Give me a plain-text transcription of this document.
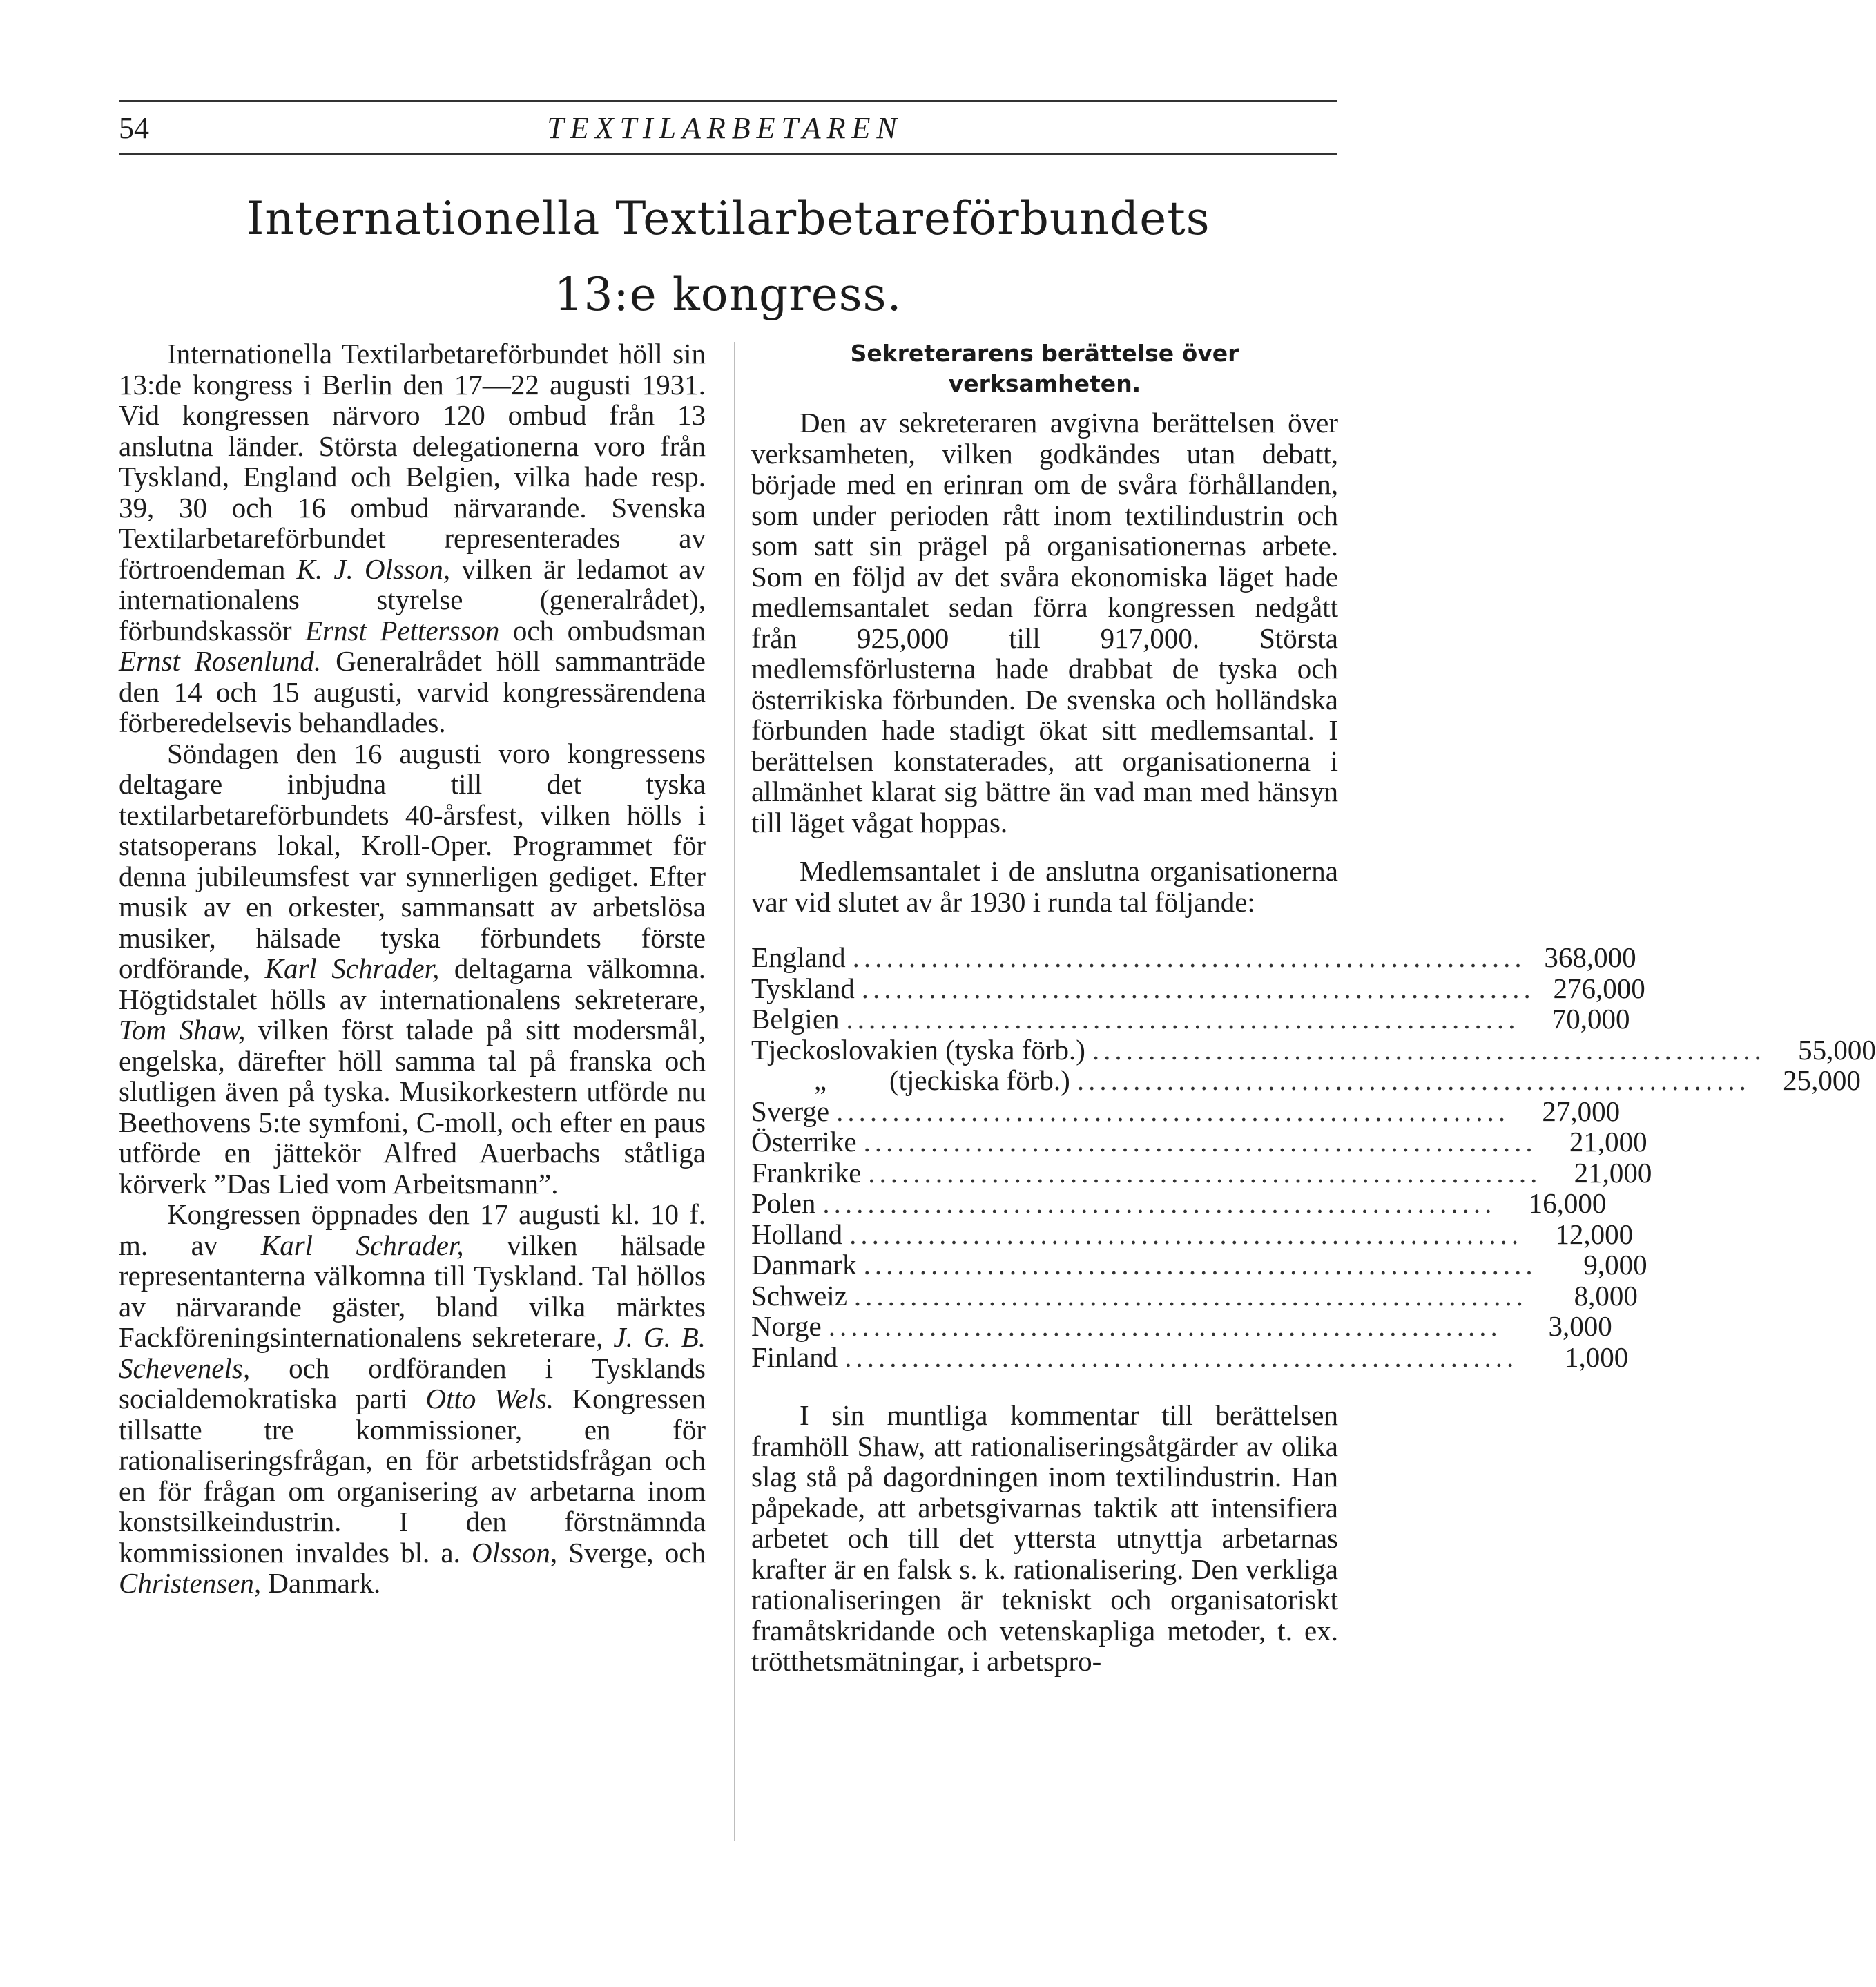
54	TEXTILARBETAREN
Internationella Textilarbetareförbundets
13:e kongress.

Internationella Textilarbetareförbundet höll sin 13:de kongress i Berlin den 17—22 augusti 1931. Vid kongressen närvoro 120 ombud från 13 anslutna länder. Största delegationerna voro från Tyskland, England och Belgien, vilka hade resp. 39, 30 och 16 ombud närvarande. Svenska Textilarbetareförbundet representerades av förtroendeman K. J. Olsson, vilken är ledamot av internationalens styrelse (generalrådet), förbundskassör Ernst Pettersson och ombudsman Ernst Rosenlund. Generalrådet höll sammanträde den 14 och 15 augusti, varvid kongressärendena förberedelsevis behandlades.

Söndagen den 16 augusti voro kongressens deltagare inbjudna till det tyska textilarbetareförbundets 40-årsfest, vilken hölls i statsoperans lokal, Kroll-Oper. Programmet för denna jubileumsfest var synnerligen gediget. Efter musik av en orkester, sammansatt av arbetslösa musiker, hälsade tyska förbundets förste ordförande, Karl Schrader, deltagarna välkomna. Högtidstalet hölls av internationalens sekreterare, Tom Shaw, vilken först talade på sitt modersmål, engelska, därefter höll samma tal på franska och slutligen även på tyska. Musikorkestern utförde nu Beethovens 5:te symfoni, C-moll, och efter en paus utförde en jättekör Alfred Auerbachs ståtliga körverk ”Das Lied vom Arbeitsmann”.

Kongressen öppnades den 17 augusti kl. 10 f. m. av Karl Schrader, vilken hälsade representanterna välkomna till Tyskland. Tal höllos av närvarande gäster, bland vilka märktes Fackföreningsinternationalens sekreterare, J. G. B. Schevenels, och ordföranden i Tysklands socialdemokratiska parti Otto Wels. Kongressen tillsatte tre kommissioner, en för rationaliseringsfrågan, en för arbetstidsfrågan och en för frågan om organisering av arbetarna inom konstsilkeindustrin. I den förstnämnda kommissionen invaldes bl. a. Olsson, Sverge, och Christensen, Danmark.

Sekreterarens berättelse över verksamheten.

Den av sekreteraren avgivna berättelsen över verksamheten, vilken godkändes utan debatt, började med en erinran om de svåra förhållanden, som under perioden rått inom textilindustrin och som satt sin prägel på organisationernas arbete. Som en följd av det svåra ekonomiska läget hade medlemsantalet sedan förra kongressen nedgått från 925,000 till 917,000. Största medlemsförlusterna hade drabbat de tyska och österrikiska förbunden. De svenska och holländska förbunden hade stadigt ökat sitt medlemsantal. I berättelsen konstaterades, att organisationerna i allmänhet klarat sig bättre än vad man med hänsyn till läget vågat hoppas.

Medlemsantalet i de anslutna organisationerna var vid slutet av år 1930 i runda tal följande:

England ............................................................ 368,000
Tyskland ............................................................ 276,000
Belgien ............................................................	70,000
Tjeckoslovakien (tyska förb.) ............................................................	55,000
„ (tjeckiska förb.) ............................................................	25,000
Sverge ............................................................	27,000
Österrike ............................................................	21,000
Frankrike ............................................................	21,000
Polen ............................................................	16,000
Holland ............................................................	12,000
Danmark ............................................................	9,000
Schweiz ............................................................	8,000
Norge ............................................................	3,000
Finland ............................................................	1,000

I sin muntliga kommentar till berättelsen framhöll Shaw, att rationaliseringsåtgärder av olika slag stå på dagordningen inom textilindustrin. Han påpekade, att arbetsgivarnas taktik att intensifiera arbetet och till det yttersta utnyttja arbetarnas krafter är en falsk s. k. rationalisering. Den verkliga rationaliseringen är tekniskt och organisatoriskt framåtskridande och vetenskapliga metoder, t. ex. trötthetsmätningar, i arbetspro-
